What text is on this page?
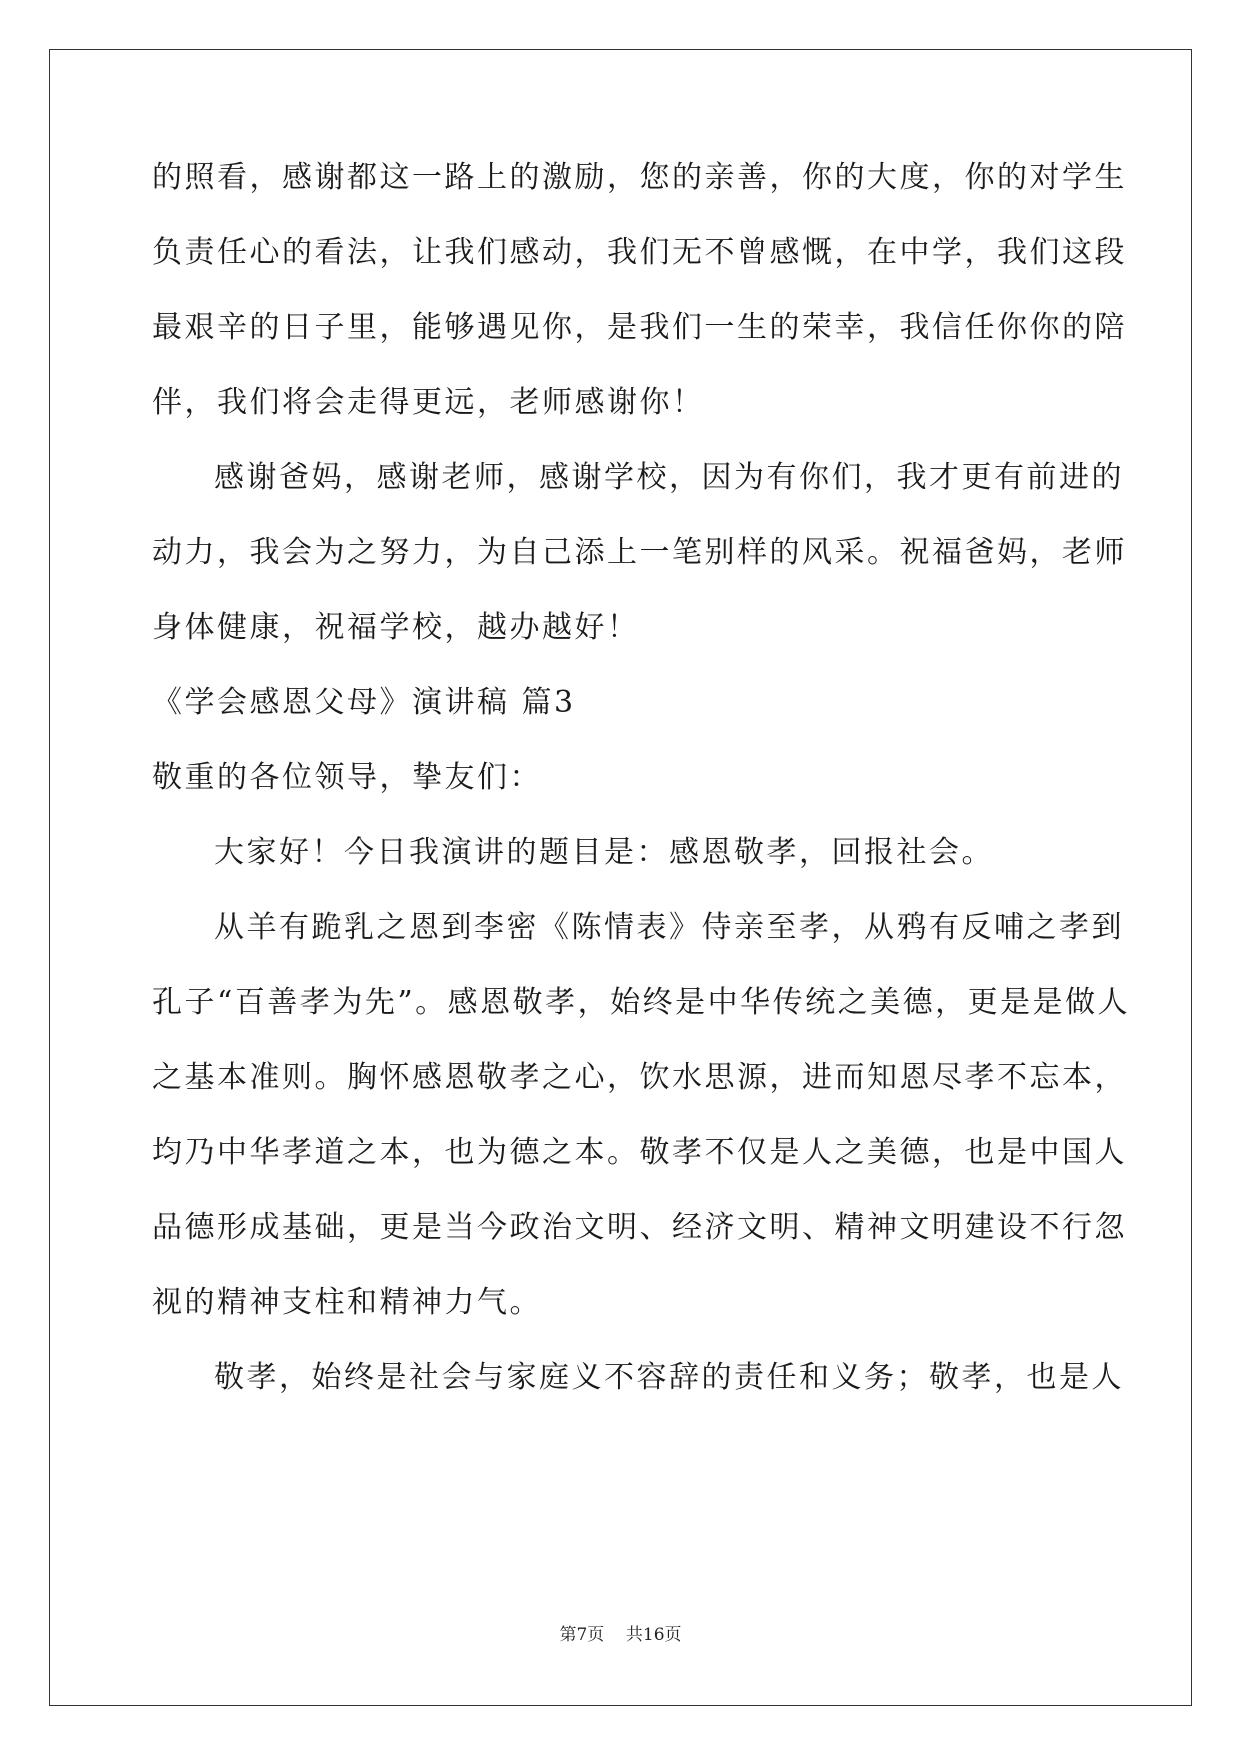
的照看，感谢都这一路上的激励，您的亲善，你的大度，你的对学生
负责任心的看法，让我们感动，我们无不曾感慨，在中学，我们这段
最艰辛的日子里，能够遇见你，是我们一生的荣幸，我信任你你的陪
伴，我们将会走得更远，老师感谢你！
感谢爸妈，感谢老师，感谢学校，因为有你们，我才更有前进的
动力，我会为之努力，为自己添上一笔别样的风采。祝福爸妈，老师
身体健康，祝福学校，越办越好！
《学会感恩父母》演讲稿 篇3
敬重的各位领导，挚友们：
大家好！今日我演讲的题目是：感恩敬孝，回报社会。
从羊有跪乳之恩到李密《陈情表》侍亲至孝，从鸦有反哺之孝到
孔子“百善孝为先”。感恩敬孝，始终是中华传统之美德，更是是做人
之基本准则。胸怀感恩敬孝之心，饮水思源，进而知恩尽孝不忘本，
均乃中华孝道之本，也为德之本。敬孝不仅是人之美德，也是中国人
品德形成基础，更是当今政治文明、经济文明、精神文明建设不行忽
视的精神支柱和精神力气。
敬孝，始终是社会与家庭义不容辞的责任和义务；敬孝，也是人
第7页 共16页
